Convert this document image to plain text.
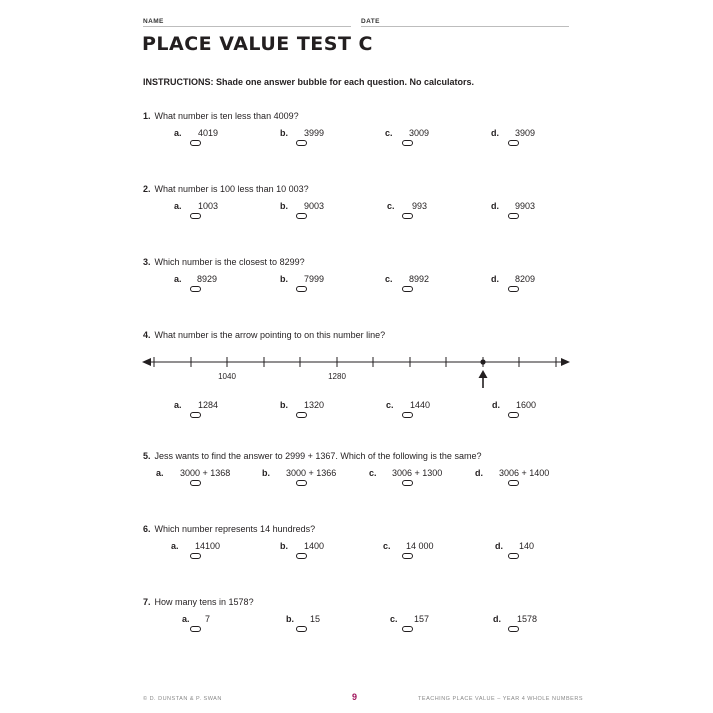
NAME	DATE
PLACE VALUE TEST C
INSTRUCTIONS: Shade one answer bubble for each question. No calculators.
1. What number is ten less than 4009?
a. 4019	b. 3999	c. 3009	d. 3909
2. What number is 100 less than 10 003?
a. 1003	b. 9003	c. 993	d. 9903
3. Which number is the closest to 8299?
a. 8929	b. 7999	c. 8992	d. 8209
4. What number is the arrow pointing to on this number line?
1040	1280
a. 1284	b. 1320	c. 1440	d. 1600
5. Jess wants to find the answer to 2999 + 1367. Which of the following is the same?
a. 3000 + 1368	b. 3000 + 1366	c. 3006 + 1300	d. 3006 + 1400
6. Which number represents 14 hundreds?
a. 14100	b. 1400	c. 14 000	d. 140
7. How many tens in 1578?
a. 7	b. 15	c. 157	d. 1578
© D. DUNSTAN & P. SWAN	9	TEACHING PLACE VALUE – YEAR 4 WHOLE NUMBERS
